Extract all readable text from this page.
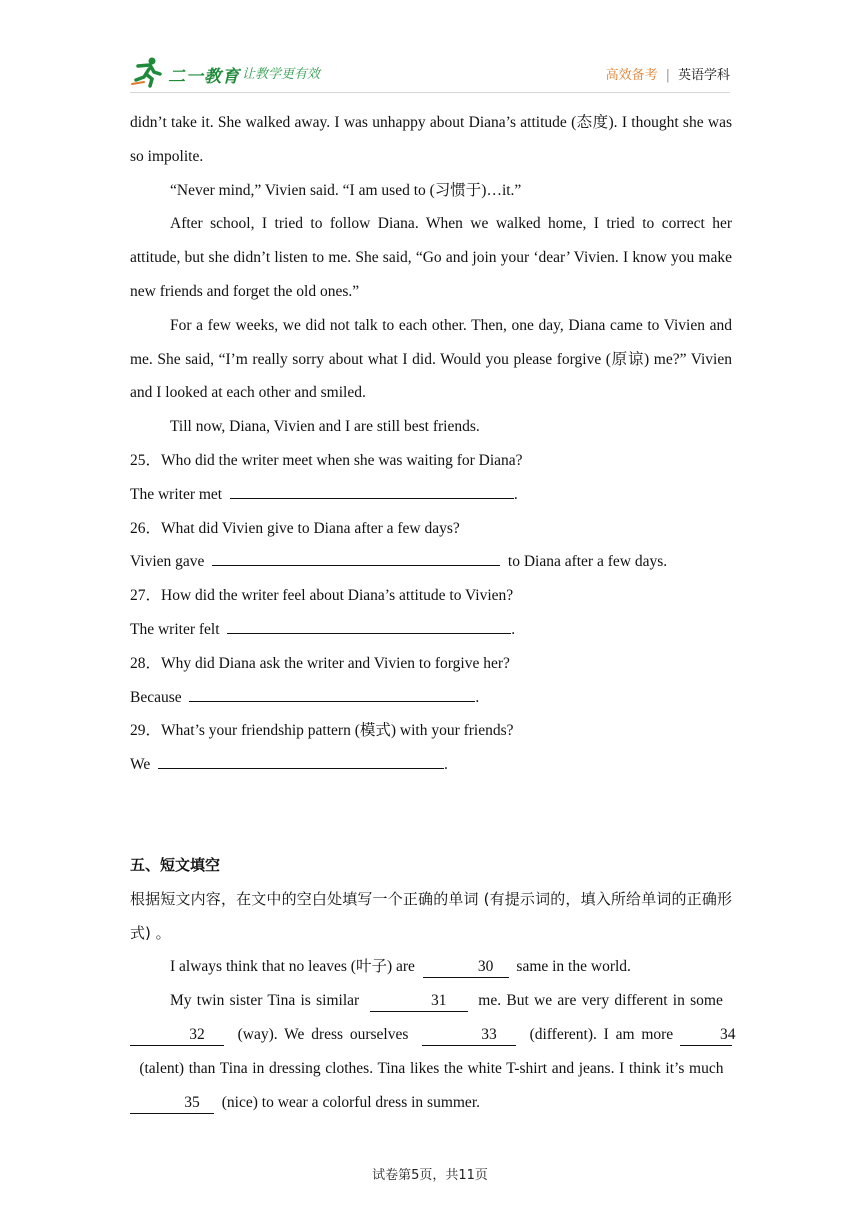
二一教育 让教学更有效	高效备考 | 英语学科

didn’t take it. She walked away. I was unhappy about Diana’s attitude (态度). I thought she was so impolite.

“Never mind,” Vivien said. “I am used to (习惯于)…it.”

After school, I tried to follow Diana. When we walked home, I tried to correct her attitude, but she didn’t listen to me. She said, “Go and join your ‘dear’ Vivien. I know you make new friends and forget the old ones.”

For a few weeks, we did not talk to each other. Then, one day, Diana came to Vivien and me. She said, “I’m really sorry about what I did. Would you please forgive (原谅) me?” Vivien and I looked at each other and smiled.

Till now, Diana, Vivien and I are still best friends.

25．Who did the writer meet when she was waiting for Diana?

The writer met	.

26．What did Vivien give to Diana after a few days?

Vivien gave	to Diana after a few days.

27．How did the writer feel about Diana’s attitude to Vivien?

The writer felt	.

28．Why did Diana ask the writer and Vivien to forgive her?

Because	.

29．What’s your friendship pattern (模式) with your friends?

We	.

五、短文填空

根据短文内容，在文中的空白处填写一个正确的单词 (有提示词的，填入所给单词的正确形式) 。

I always think that no leaves (叶子) are	30 same in the world.

My twin sister Tina is similar	31 me. But we are very different in some  32 (way). We dress ourselves	33 (different). I am more	34  (talent) than Tina in dressing clothes. Tina likes the white T-shirt and jeans. I think it’s much  35 (nice) to wear a colorful dress in summer.

试卷第5页，共11页
